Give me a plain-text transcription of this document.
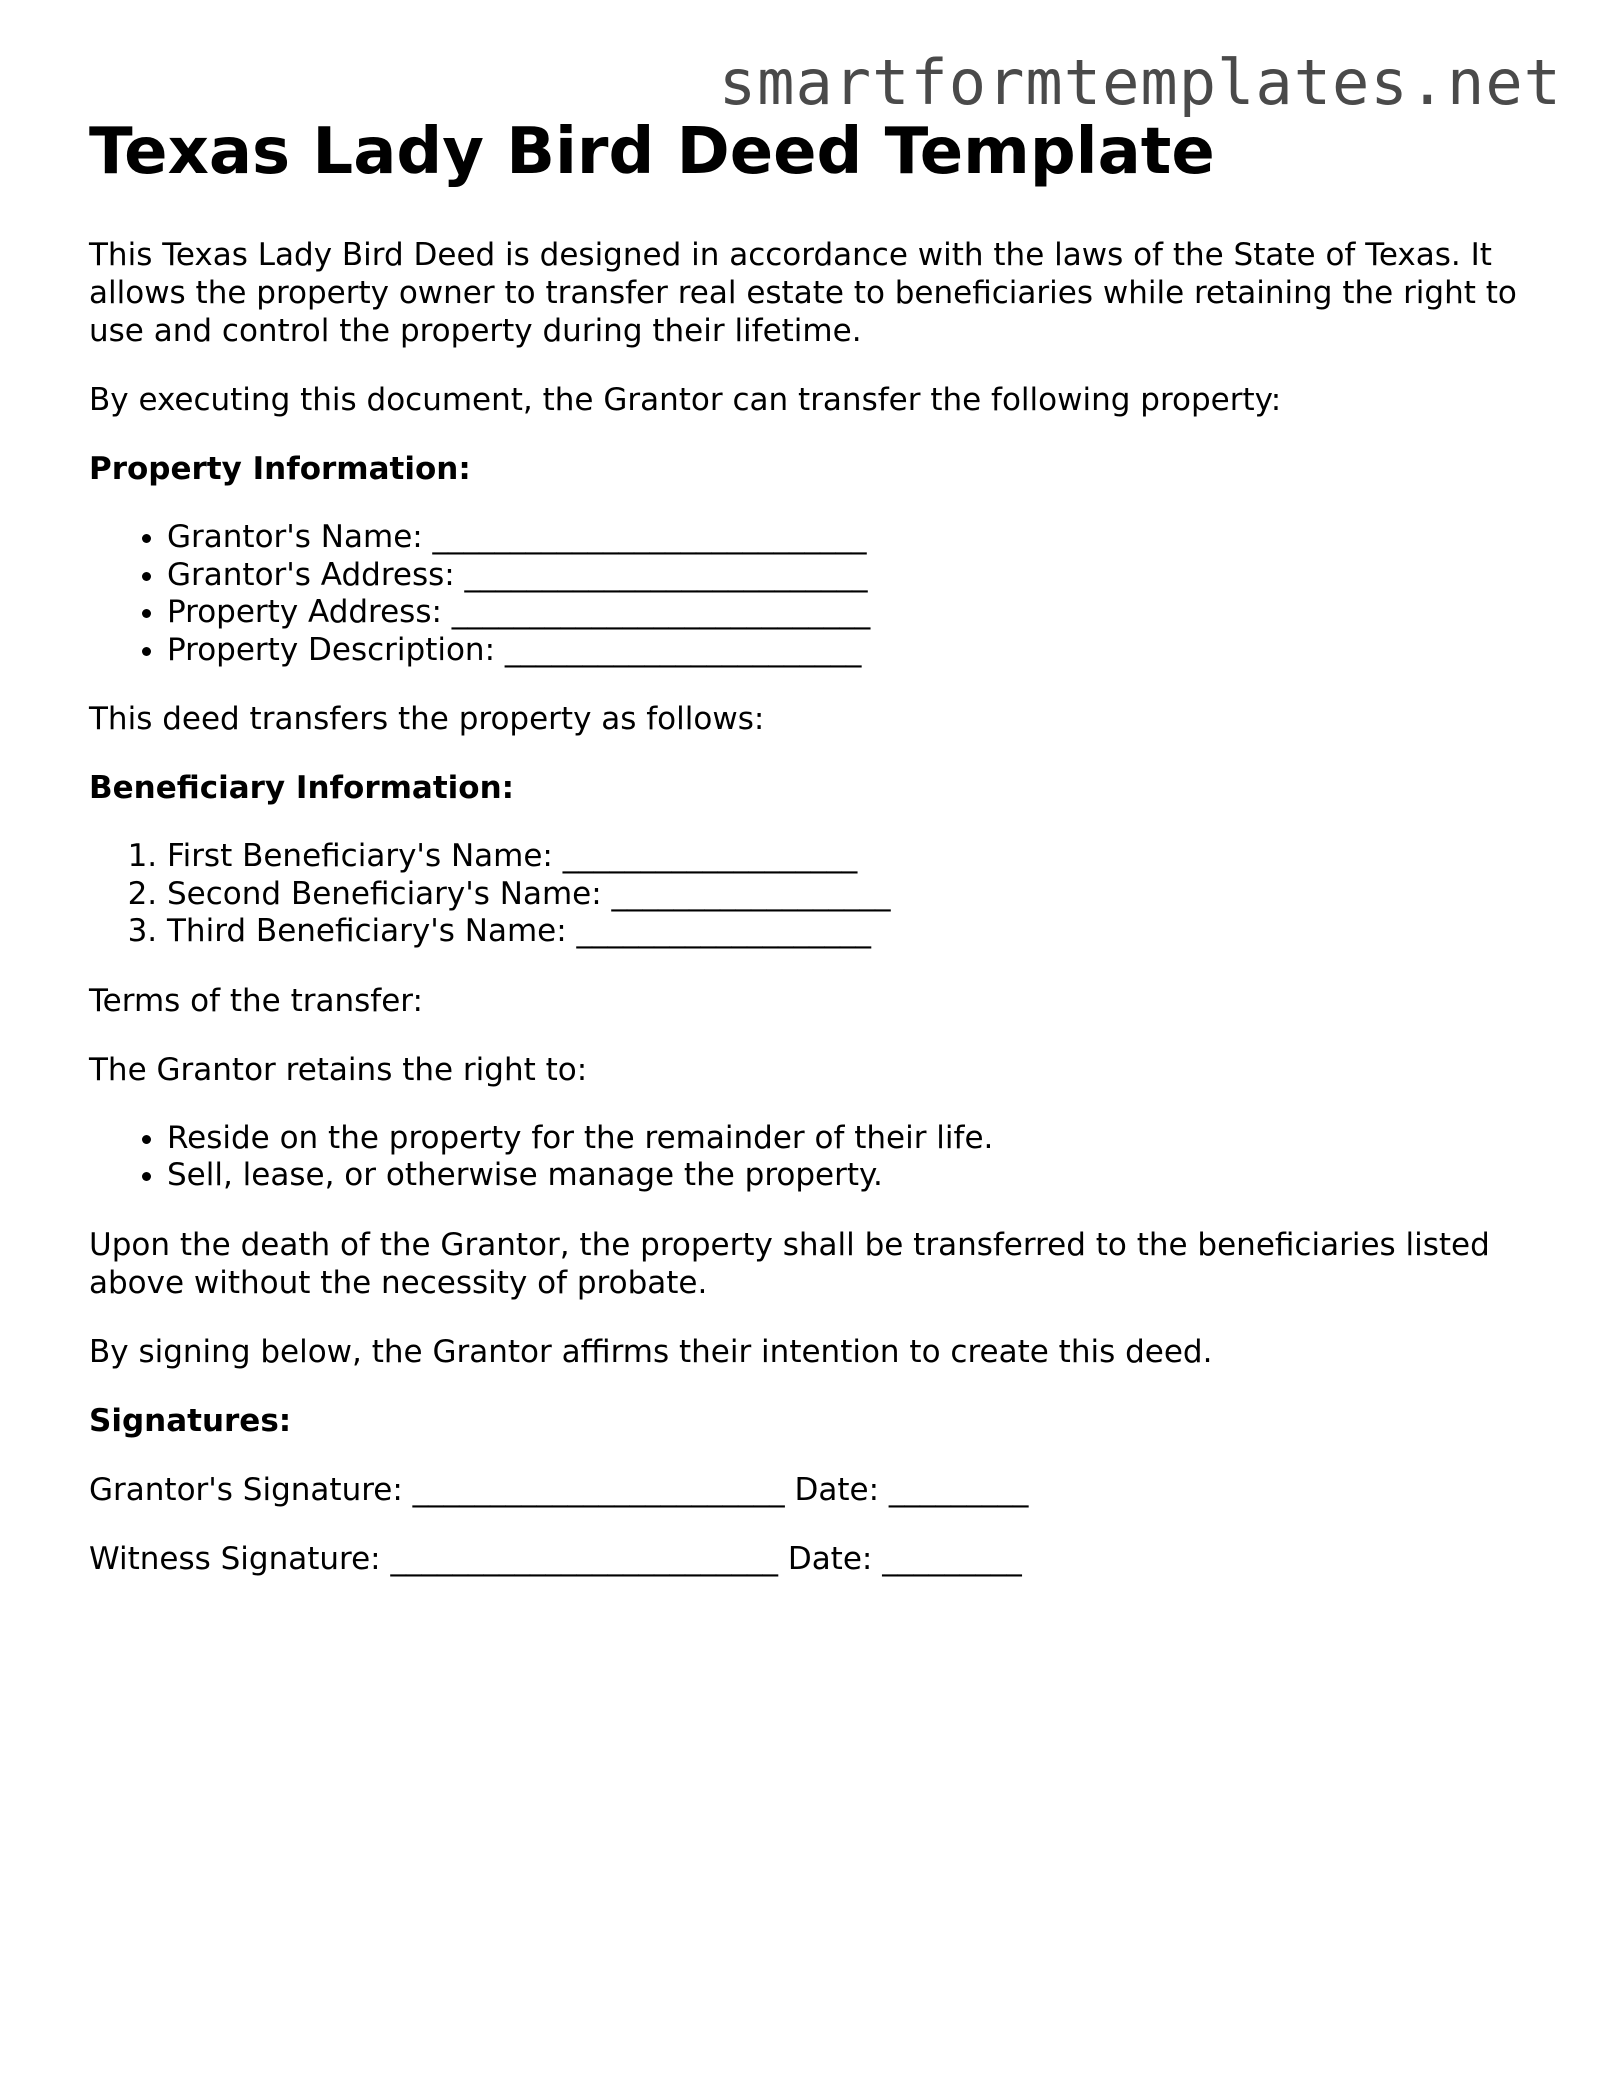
smartformtemplates.net
Texas Lady Bird Deed Template

This Texas Lady Bird Deed is designed in accordance with the laws of the State of Texas. It allows the property owner to transfer real estate to beneficiaries while retaining the right to use and control the property during their lifetime.

By executing this document, the Grantor can transfer the following property:

Property Information:

• Grantor's Name: ____________________________
• Grantor's Address: __________________________
• Property Address: ___________________________
• Property Description: _______________________

This deed transfers the property as follows:

Beneficiary Information:

1. First Beneficiary's Name: ___________________
2. Second Beneficiary's Name: __________________
3. Third Beneficiary's Name: ___________________

Terms of the transfer:

The Grantor retains the right to:

• Reside on the property for the remainder of their life.
• Sell, lease, or otherwise manage the property.

Upon the death of the Grantor, the property shall be transferred to the beneficiaries listed above without the necessity of probate.

By signing below, the Grantor affirms their intention to create this deed.

Signatures:

Grantor's Signature: ________________________ Date: _________

Witness Signature: _________________________ Date: _________
